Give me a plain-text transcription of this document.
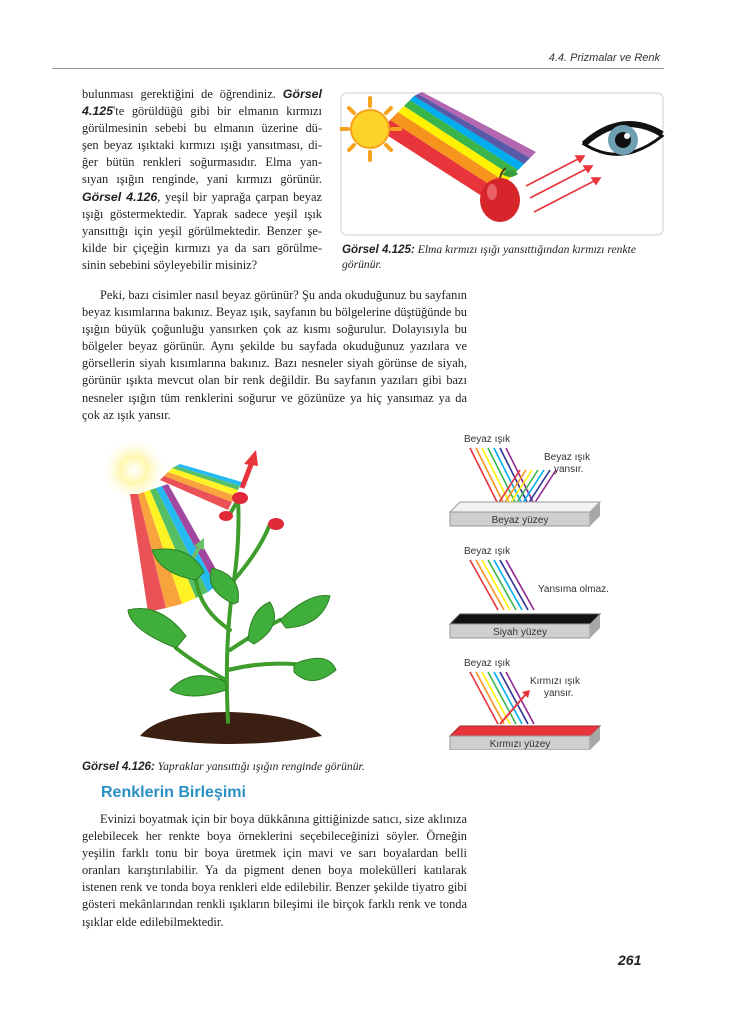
4.4. Prizmalar ve Renk
bulunması gerektiğini de öğrendiniz. Görsel
4.125'te görüldüğü gibi bir elmanın kırmızı
görülmesinin sebebi bu elmanın üzerine dü-
şen beyaz ışıktaki kırmızı ışığı yansıtması, di-
ğer bütün renkleri soğurmasıdır. Elma yan-
sıyan ışığın renginde, yani kırmızı görünür.
Görsel 4.126, yeşil bir yaprağa çarpan beyaz
ışığı göstermektedir. Yaprak sadece yeşil ışık
yansıttığı için yeşil görülmektedir. Benzer şe-
kilde bir çiçeğin kırmızı ya da sarı görülme-
sinin sebebini söyleyebilir misiniz?
Görsel 4.125: Elma kırmızı ışığı yansıttığından kırmızı renkte görünür.
Peki, bazı cisimler nasıl beyaz görünür? Şu anda okuduğunuz bu sayfanın beyaz kısımlarına bakınız. Beyaz ışık, sayfanın bu bölgelerine düştüğünde bu ışığın büyük çoğunluğu yansırken çok az kısmı soğurulur. Dolayısıyla bu bölgeler beyaz görünür. Aynı şekilde bu sayfada okuduğunuz yazılara ve görsellerin siyah kısımlarına bakınız. Bazı nesneler siyah görünse de siyah, görünür ışıkta mevcut olan bir renk değildir. Bu sayfanın yazıları gibi bazı nesneler ışığın tüm renklerini soğurur ve gözünüze ya hiç yansımaz ya da çok az ışık yansır.
Beyaz ışık
Beyaz ışık
yansır.
Beyaz yüzey
Beyaz ışık
Yansıma olmaz.
Siyah yüzey
Beyaz ışık
Kırmızı ışık
yansır.
Kırmızı yüzey
Görsel 4.126: Yapraklar yansıttığı ışığın renginde görünür.
Renklerin Birleşimi
Evinizi boyatmak için bir boya dükkânına gittiğinizde satıcı, size aklınıza gelebilecek her renkte boya örneklerini seçebileceğinizi söyler. Örneğin yeşilin farklı tonu bir boya üretmek için mavi ve sarı boyalardan belli oranları karıştırılabilir. Ya da pigment denen boya molekülleri katılarak istenen renk ve tonda boya renkleri elde edilebilir. Benzer şekilde tiyatro gibi gösteri mekânlarından renkli ışıkların bileşimi ile birçok farklı renk ve tonda ışıklar elde edilebilmektedir.
261
